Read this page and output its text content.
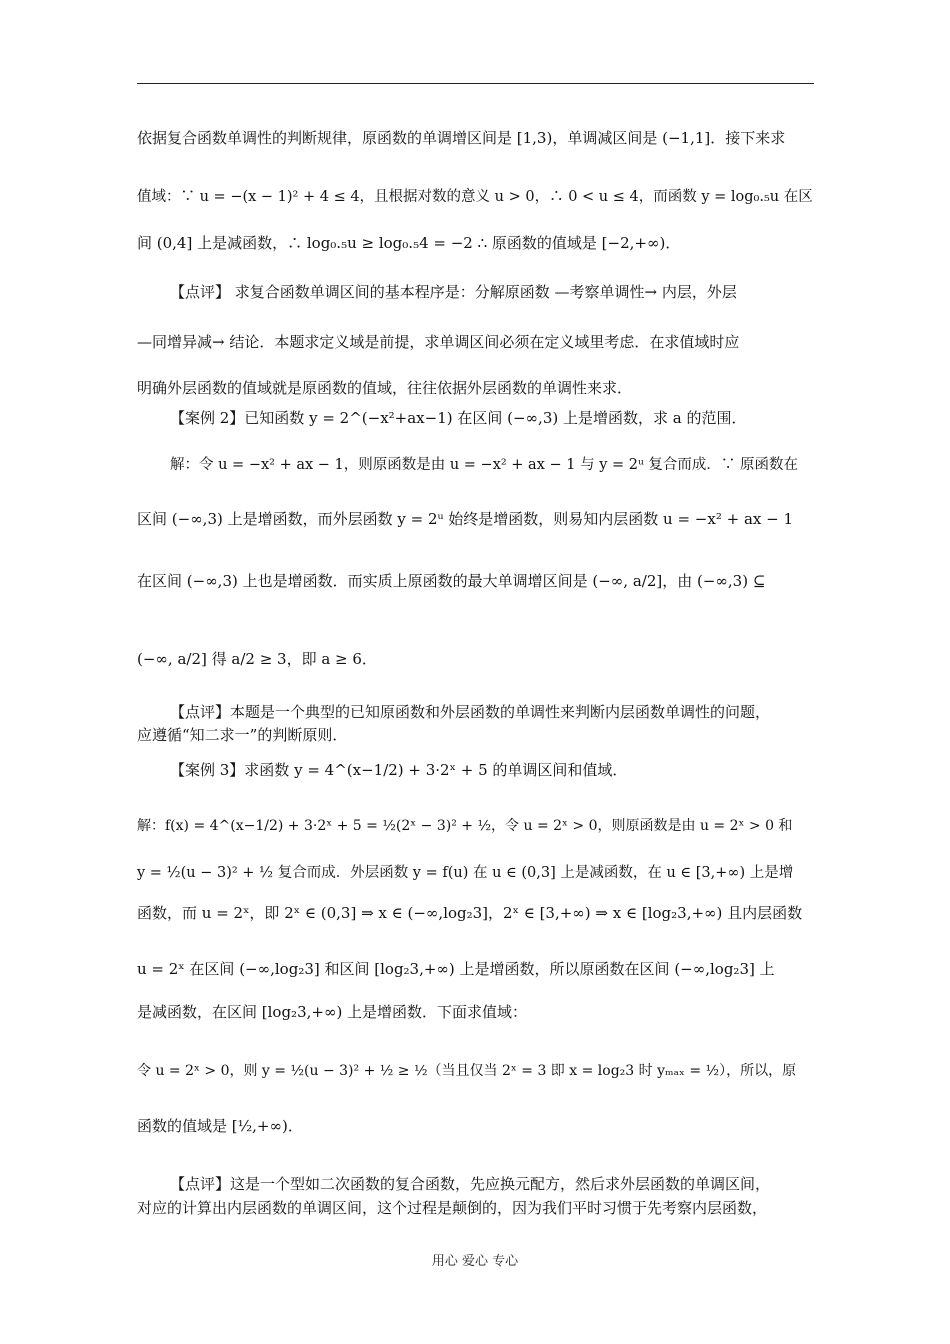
依据复合函数单调性的判断规律，原函数的单调增区间是 [1,3)，单调减区间是 (−1,1]．接下来求
值域：∵ u = −(x − 1)² + 4 ≤ 4，且根据对数的意义 u > 0，∴ 0 < u ≤ 4，而函数 y = log₀.₅u 在区
间 (0,4] 上是减函数，∴ log₀.₅u ≥ log₀.₅4 = −2 ∴ 原函数的值域是 [−2,+∞)．
【点评】 求复合函数单调区间的基本程序是：分解原函数 —考察单调性→ 内层，外层
—同增异减→ 结论．本题求定义域是前提，求单调区间必须在定义域里考虑．在求值域时应
明确外层函数的值域就是原函数的值域，往往依据外层函数的单调性来求．
【案例 2】已知函数 y = 2^(−x²+ax−1) 在区间 (−∞,3) 上是增函数，求 a 的范围．
解：令 u = −x² + ax − 1，则原函数是由 u = −x² + ax − 1 与 y = 2ᵘ 复合而成．∵ 原函数在
区间 (−∞,3) 上是增函数，而外层函数 y = 2ᵘ 始终是增函数，则易知内层函数 u = −x² + ax − 1
在区间 (−∞,3) 上也是增函数．而实质上原函数的最大单调增区间是 (−∞, a/2]，由 (−∞,3) ⊆
(−∞, a/2] 得 a/2 ≥ 3，即 a ≥ 6．
【点评】本题是一个典型的已知原函数和外层函数的单调性来判断内层函数单调性的问题，
应遵循“知二求一”的判断原则．
【案例 3】求函数 y = 4^(x−1/2) + 3·2ˣ + 5 的单调区间和值域．
解：f(x) = 4^(x−1/2) + 3·2ˣ + 5 = ½(2ˣ − 3)² + ½，令 u = 2ˣ > 0，则原函数是由 u = 2ˣ > 0 和
y = ½(u − 3)² + ½ 复合而成．外层函数 y = f(u) 在 u ∈ (0,3] 上是减函数，在 u ∈ [3,+∞) 上是增
函数，而 u = 2ˣ，即 2ˣ ∈ (0,3] ⇒ x ∈ (−∞,log₂3]，2ˣ ∈ [3,+∞) ⇒ x ∈ [log₂3,+∞) 且内层函数
u = 2ˣ 在区间 (−∞,log₂3] 和区间 [log₂3,+∞) 上是增函数，所以原函数在区间 (−∞,log₂3] 上
是减函数，在区间 [log₂3,+∞) 上是增函数．下面求值域：
令 u = 2ˣ > 0，则 y = ½(u − 3)² + ½ ≥ ½（当且仅当 2ˣ = 3 即 x = log₂3 时 yₘₐₓ = ½），所以，原
函数的值域是 [½,+∞)．
【点评】这是一个型如二次函数的复合函数，先应换元配方，然后求外层函数的单调区间，
对应的计算出内层函数的单调区间，这个过程是颠倒的，因为我们平时习惯于先考察内层函数，
用心 爱心 专心
